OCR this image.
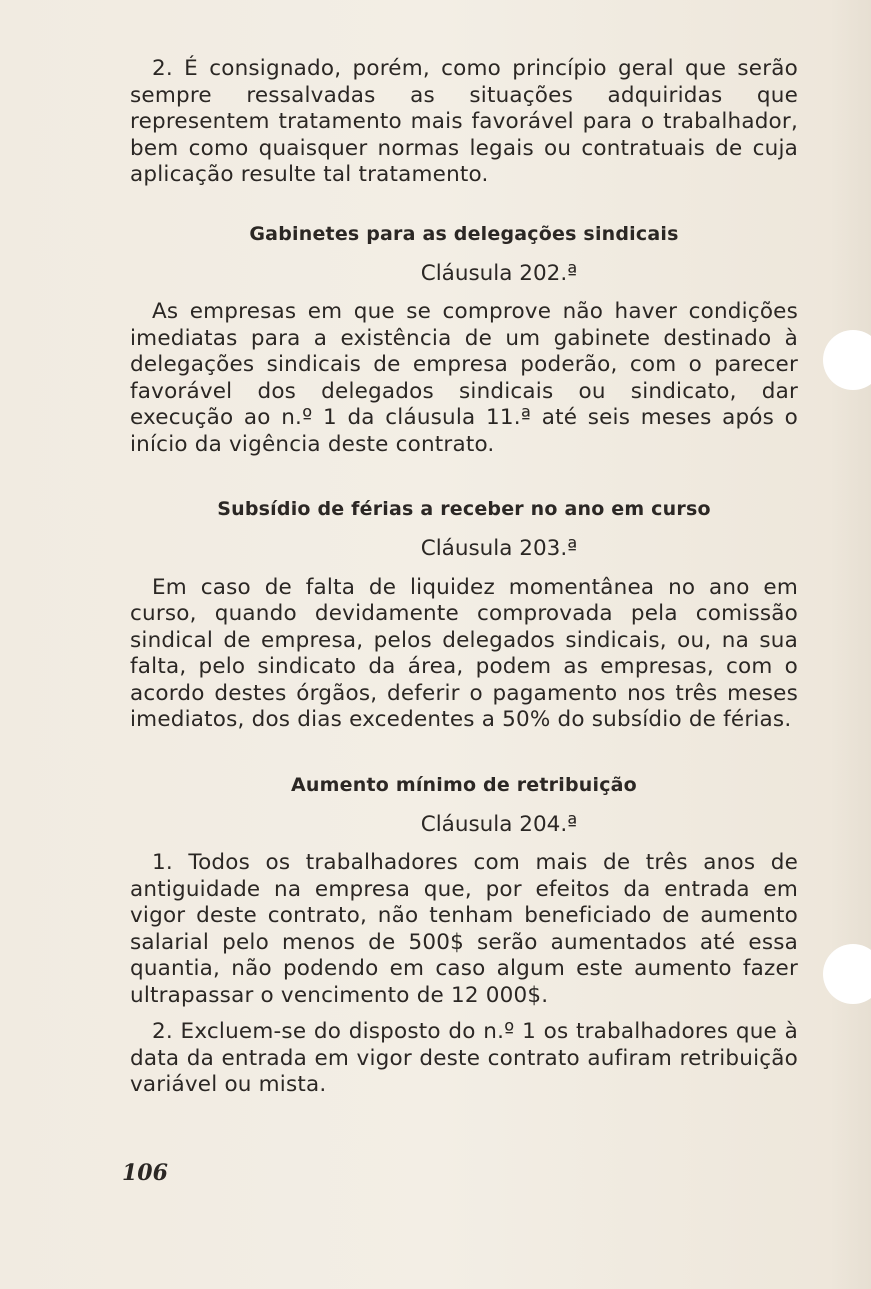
2. É consignado, porém, como princípio geral que serão sempre ressalvadas as situações adquiridas que representem tratamento mais favorável para o trabalhador, bem como quaisquer normas legais ou contratuais de cuja aplicação resulte tal tratamento.

Gabinetes para as delegações sindicais
Cláusula 202.ª

As empresas em que se comprove não haver condições imediatas para a existência de um gabinete destinado à delegações sindicais de empresa poderão, com o parecer favorável dos delegados sindicais ou sindicato, dar execução ao n.º 1 da cláusula 11.ª até seis meses após o início da vigência deste contrato.

Subsídio de férias a receber no ano em curso
Cláusula 203.ª

Em caso de falta de liquidez momentânea no ano em curso, quando devidamente comprovada pela comissão sindical de empresa, pelos delegados sindicais, ou, na sua falta, pelo sindicato da área, podem as empresas, com o acordo destes órgãos, deferir o pagamento nos três meses imediatos, dos dias excedentes a 50% do subsídio de férias.

Aumento mínimo de retribuição
Cláusula 204.ª

1. Todos os trabalhadores com mais de três anos de antiguidade na empresa que, por efeitos da entrada em vigor deste contrato, não tenham beneficiado de aumento salarial pelo menos de 500$ serão aumentados até essa quantia, não podendo em caso algum este aumento fazer ultrapassar o vencimento de 12 000$.

2. Excluem-se do disposto do n.º 1 os trabalhadores que à data da entrada em vigor deste contrato aufiram retribuição variável ou mista.

106
